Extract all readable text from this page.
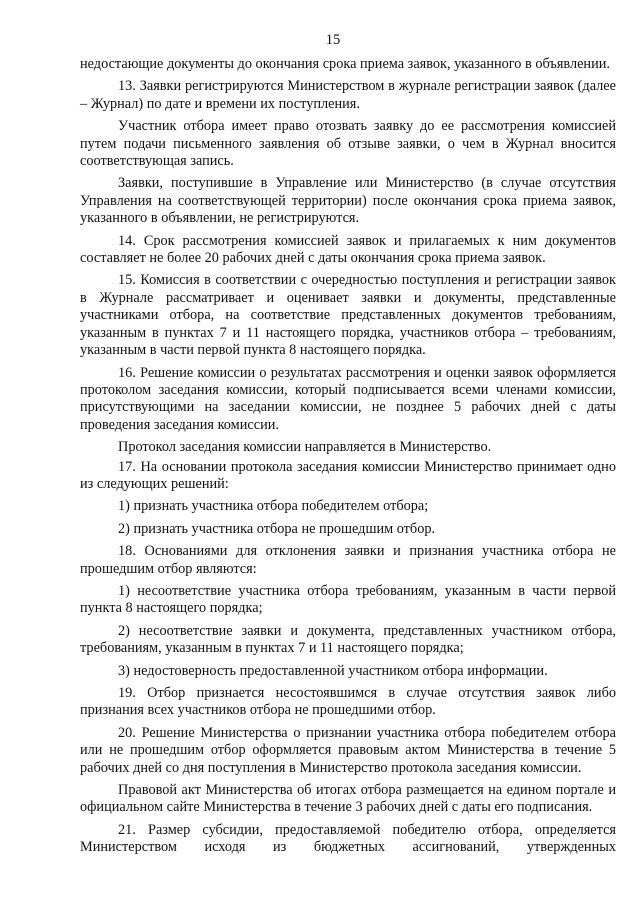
15

недостающие документы до окончания срока приема заявок, указанного в объявлении.

13. Заявки регистрируются Министерством в журнале регистрации заявок (далее – Журнал) по дате и времени их поступления.

Участник отбора имеет право отозвать заявку до ее рассмотрения комиссией путем подачи письменного заявления об отзыве заявки, о чем в Журнал вносится соответствующая запись.

Заявки, поступившие в Управление или Министерство (в случае отсутствия Управления на соответствующей территории) после окончания срока приема заявок, указанного в объявлении, не регистрируются.

14. Срок рассмотрения комиссией заявок и прилагаемых к ним документов составляет не более 20 рабочих дней с даты окончания срока приема заявок.

15. Комиссия в соответствии с очередностью поступления и регистрации заявок в Журнале рассматривает и оценивает заявки и документы, представленные участниками отбора, на соответствие представленных документов требованиям, указанным в пунктах 7 и 11 настоящего порядка, участников отбора – требованиям, указанным в части первой пункта 8 настоящего порядка.

16. Решение комиссии о результатах рассмотрения и оценки заявок оформляется протоколом заседания комиссии, который подписывается всеми членами комиссии, присутствующими на заседании комиссии, не позднее 5 рабочих дней с даты проведения заседания комиссии.

Протокол заседания комиссии направляется в Министерство.

17. На основании протокола заседания комиссии Министерство принимает одно из следующих решений:

1) признать участника отбора победителем отбора;

2) признать участника отбора не прошедшим отбор.

18. Основаниями для отклонения заявки и признания участника отбора не прошедшим отбор являются:

1) несоответствие участника отбора требованиям, указанным в части первой пункта 8 настоящего порядка;

2) несоответствие заявки и документа, представленных участником отбора, требованиям, указанным в пунктах 7 и 11 настоящего порядка;

3) недостоверность предоставленной участником отбора информации.

19. Отбор признается несостоявшимся в случае отсутствия заявок либо признания всех участников отбора не прошедшими отбор.

20. Решение Министерства о признании участника отбора победителем отбора или не прошедшим отбор оформляется правовым актом Министерства в течение 5 рабочих дней со дня поступления в Министерство протокола заседания комиссии.

Правовой акт Министерства об итогах отбора размещается на едином портале и официальном сайте Министерства в течение 3 рабочих дней с даты его подписания.

21. Размер субсидии, предоставляемой победителю отбора, определяется Министерством исходя из бюджетных ассигнований, утвержденных
